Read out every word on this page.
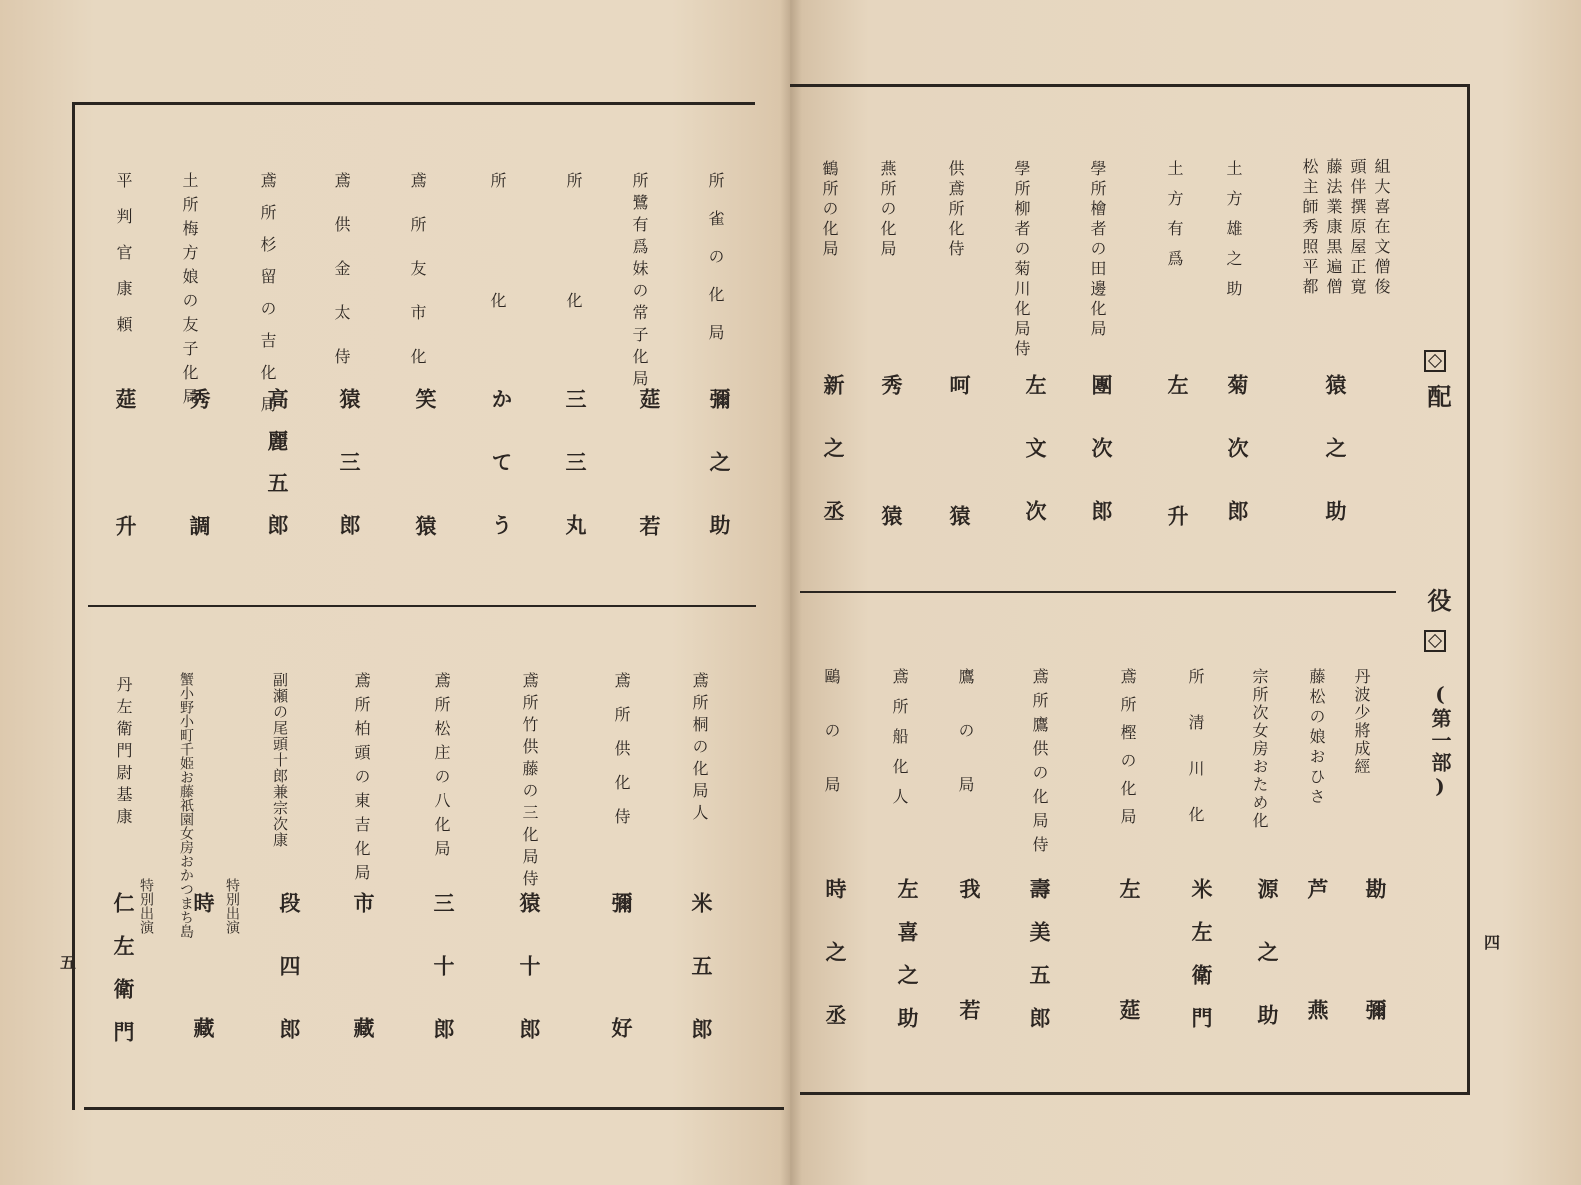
配
役
(第一部)
四
五
組大喜在文僧俊
頭伴撰原屋正寛
藤法業康黒遍僧
松主師秀照平都
土方雄之助
土方有爲
學所檜者の田邊化局
學所柳者の菊川化局侍
供鳶所化侍
燕所の化局
鶴所の化局
猿之助
菊次郎
左升
團次郎
左文次
呵猿
秀猿
新之丞
丹波少將成經
藤松の娘おひさ
宗所次女房おため化
所清川化
鳶所樫の化局
鳶所鷹供の化局侍
鷹の局
鳶所船化人
鷗の局
勘彌
芦燕
源之助
米左衛門
左莚
壽美五郎
我若
左喜之助
時之丞
所雀の化局
所鷺有爲妹の常子化局
所化
所化
鳶所友市化
鳶供金太侍
鳶所杉留の吉化局
土所梅方娘の友子化局
平判官康頼
彌之助
莚若
三三丸
かてう
笑猿
猿三郎
高麗五郎
秀調
莚升
鳶所桐の化局人
鳶所供化侍
鳶所竹供藤の三化局侍
鳶所松庄の八化局
鳶所柏頭の東吉化局
副瀬の尾頭十郎兼宗次康
蟹小野小町千姫お藤祇園女房おかつまち島
丹左衛門尉基康
米五郎
彌好
猿十郎
三十郎
市藏
段四郎
時藏
仁左衛門	特別出演
特別出演
